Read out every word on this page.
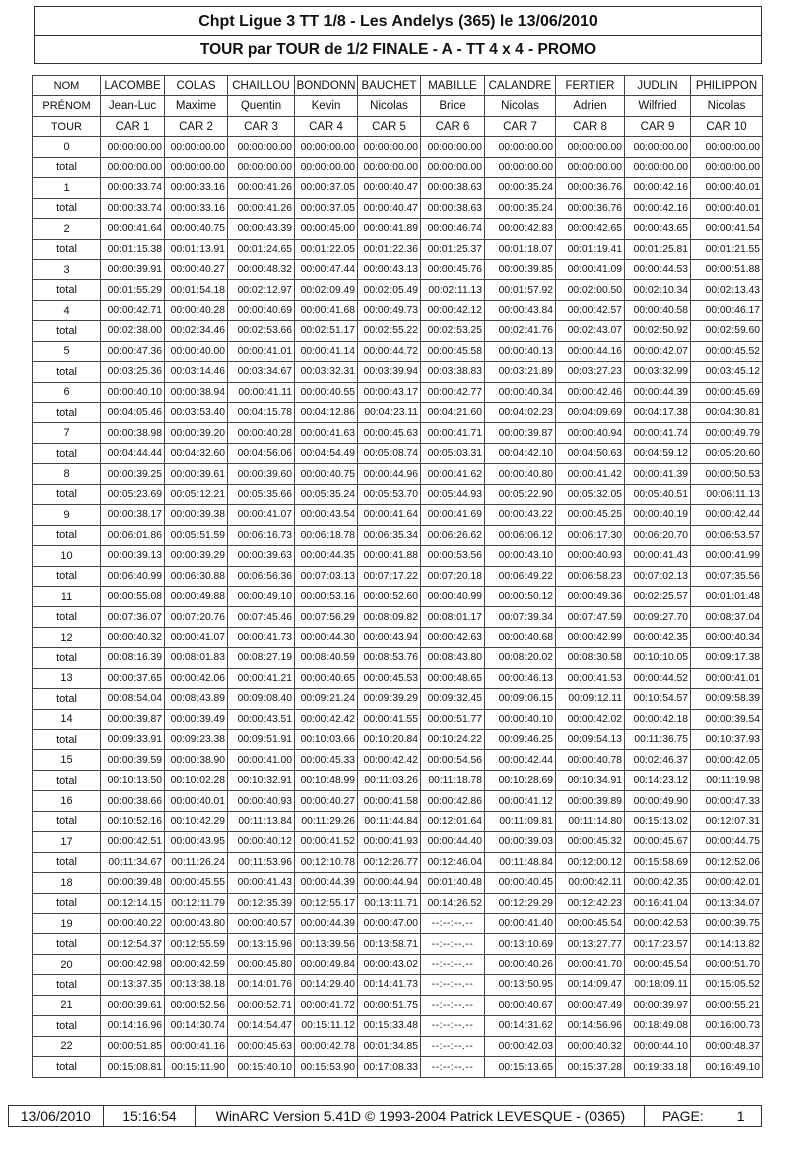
Chpt Ligue 3 TT 1/8 - Les Andelys (365) le 13/06/2010
TOUR par TOUR de 1/2 FINALE - A - TT 4 x 4 - PROMO
NOM	LACOMBE	COLAS	CHAILLOU	BONDONN	BAUCHET	MABILLE	CALANDRE	FERTIER	JUDLIN	PHILIPPON
PRÉNOM	Jean-Luc	Maxime	Quentin	Kevin	Nicolas	Brice	Nicolas	Adrien	Wilfried	Nicolas
TOUR	CAR 1	CAR 2	CAR 3	CAR 4	CAR 5	CAR 6	CAR 7	CAR 8	CAR 9	CAR 10
0	00:00:00.00	00:00:00.00	00:00:00.00	00:00:00.00	00:00:00.00	00:00:00.00	00:00:00.00	00:00:00.00	00:00:00.00	00:00:00.00
total	00:00:00.00	00:00:00.00	00:00:00.00	00:00:00.00	00:00:00.00	00:00:00.00	00:00:00.00	00:00:00.00	00:00:00.00	00:00:00.00
1	00:00:33.74	00:00:33.16	00:00:41.26	00:00:37.05	00:00:40.47	00:00:38.63	00:00:35.24	00:00:36.76	00:00:42.16	00:00:40.01
total	00:00:33.74	00:00:33.16	00:00:41.26	00:00:37.05	00:00:40.47	00:00:38.63	00:00:35.24	00:00:36.76	00:00:42.16	00:00:40.01
2	00:00:41.64	00:00:40.75	00:00:43.39	00:00:45.00	00:00:41.89	00:00:46.74	00:00:42.83	00:00:42.65	00:00:43.65	00:00:41.54
total	00:01:15.38	00:01:13.91	00:01:24.65	00:01:22.05	00:01:22.36	00:01:25.37	00:01:18.07	00:01:19.41	00:01:25.81	00:01:21.55
3	00:00:39.91	00:00:40.27	00:00:48.32	00:00:47.44	00:00:43.13	00:00:45.76	00:00:39.85	00:00:41.09	00:00:44.53	00:00:51.88
total	00:01:55.29	00:01:54.18	00:02:12.97	00:02:09.49	00:02:05.49	00:02:11.13	00:01:57.92	00:02:00.50	00:02:10.34	00:02:13.43
4	00:00:42.71	00:00:40.28	00:00:40.69	00:00:41.68	00:00:49.73	00:00:42.12	00:00:43.84	00:00:42.57	00:00:40.58	00:00:46.17
total	00:02:38.00	00:02:34.46	00:02:53.66	00:02:51.17	00:02:55.22	00:02:53.25	00:02:41.76	00:02:43.07	00:02:50.92	00:02:59.60
5	00:00:47.36	00:00:40.00	00:00:41.01	00:00:41.14	00:00:44.72	00:00:45.58	00:00:40.13	00:00:44.16	00:00:42.07	00:00:45.52
total	00:03:25.36	00:03:14.46	00:03:34.67	00:03:32.31	00:03:39.94	00:03:38.83	00:03:21.89	00:03:27.23	00:03:32.99	00:03:45.12
6	00:00:40.10	00:00:38.94	00:00:41.11	00:00:40.55	00:00:43.17	00:00:42.77	00:00:40.34	00:00:42.46	00:00:44.39	00:00:45.69
total	00:04:05.46	00:03:53.40	00:04:15.78	00:04:12.86	00:04:23.11	00:04:21.60	00:04:02.23	00:04:09.69	00:04:17.38	00:04:30.81
7	00:00:38.98	00:00:39.20	00:00:40.28	00:00:41.63	00:00:45.63	00:00:41.71	00:00:39.87	00:00:40.94	00:00:41.74	00:00:49.79
total	00:04:44.44	00:04:32.60	00:04:56.06	00:04:54.49	00:05:08.74	00:05:03.31	00:04:42.10	00:04:50.63	00:04:59.12	00:05:20.60
8	00:00:39.25	00:00:39.61	00:00:39.60	00:00:40.75	00:00:44.96	00:00:41.62	00:00:40.80	00:00:41.42	00:00:41.39	00:00:50.53
total	00:05:23.69	00:05:12.21	00:05:35.66	00:05:35.24	00:05:53.70	00:05:44.93	00:05:22.90	00:05:32.05	00:05:40.51	00:06:11.13
9	00:00:38.17	00:00:39.38	00:00:41.07	00:00:43.54	00:00:41.64	00:00:41.69	00:00:43.22	00:00:45.25	00:00:40.19	00:00:42.44
total	00:06:01.86	00:05:51.59	00:06:16.73	00:06:18.78	00:06:35.34	00:06:26.62	00:06:06.12	00:06:17.30	00:06:20.70	00:06:53.57
10	00:00:39.13	00:00:39.29	00:00:39.63	00:00:44.35	00:00:41.88	00:00:53.56	00:00:43.10	00:00:40.93	00:00:41.43	00:00:41.99
total	00:06:40.99	00:06:30.88	00:06:56.36	00:07:03.13	00:07:17.22	00:07:20.18	00:06:49.22	00:06:58.23	00:07:02.13	00:07:35.56
11	00:00:55.08	00:00:49.88	00:00:49.10	00:00:53.16	00:00:52.60	00:00:40.99	00:00:50.12	00:00:49.36	00:02:25.57	00:01:01.48
total	00:07:36.07	00:07:20.76	00:07:45.46	00:07:56.29	00:08:09.82	00:08:01.17	00:07:39.34	00:07:47.59	00:09:27.70	00:08:37.04
12	00:00:40.32	00:00:41.07	00:00:41.73	00:00:44.30	00:00:43.94	00:00:42.63	00:00:40.68	00:00:42.99	00:00:42.35	00:00:40.34
total	00:08:16.39	00:08:01.83	00:08:27.19	00:08:40.59	00:08:53.76	00:08:43.80	00:08:20.02	00:08:30.58	00:10:10.05	00:09:17.38
13	00:00:37.65	00:00:42.06	00:00:41.21	00:00:40.65	00:00:45.53	00:00:48.65	00:00:46.13	00:00:41.53	00:00:44.52	00:00:41.01
total	00:08:54.04	00:08:43.89	00:09:08.40	00:09:21.24	00:09:39.29	00:09:32.45	00:09:06.15	00:09:12.11	00:10:54.57	00:09:58.39
14	00:00:39.87	00:00:39.49	00:00:43.51	00:00:42.42	00:00:41.55	00:00:51.77	00:00:40.10	00:00:42.02	00:00:42.18	00:00:39.54
total	00:09:33.91	00:09:23.38	00:09:51.91	00:10:03.66	00:10:20.84	00:10:24.22	00:09:46.25	00:09:54.13	00:11:36.75	00:10:37.93
15	00:00:39.59	00:00:38.90	00:00:41.00	00:00:45.33	00:00:42.42	00:00:54.56	00:00:42.44	00:00:40.78	00:02:46.37	00:00:42.05
total	00:10:13.50	00:10:02.28	00:10:32.91	00:10:48.99	00:11:03.26	00:11:18.78	00:10:28.69	00:10:34.91	00:14:23.12	00:11:19.98
16	00:00:38.66	00:00:40.01	00:00:40.93	00:00:40.27	00:00:41.58	00:00:42.86	00:00:41.12	00:00:39.89	00:00:49.90	00:00:47.33
total	00:10:52.16	00:10:42.29	00:11:13.84	00:11:29.26	00:11:44.84	00:12:01.64	00:11:09.81	00:11:14.80	00:15:13.02	00:12:07.31
17	00:00:42.51	00:00:43.95	00:00:40.12	00:00:41.52	00:00:41.93	00:00:44.40	00:00:39.03	00:00:45.32	00:00:45.67	00:00:44.75
total	00:11:34.67	00:11:26.24	00:11:53.96	00:12:10.78	00:12:26.77	00:12:46.04	00:11:48.84	00:12:00.12	00:15:58.69	00:12:52.06
18	00:00:39.48	00:00:45.55	00:00:41.43	00:00:44.39	00:00:44.94	00:01:40.48	00:00:40.45	00:00:42.11	00:00:42.35	00:00:42.01
total	00:12:14.15	00:12:11.79	00:12:35.39	00:12:55.17	00:13:11.71	00:14:26.52	00:12:29.29	00:12:42.23	00:16:41.04	00:13:34.07
19	00:00:40.22	00:00:43.80	00:00:40.57	00:00:44.39	00:00:47.00	--:--:--.--	00:00:41.40	00:00:45.54	00:00:42.53	00:00:39.75
total	00:12:54.37	00:12:55.59	00:13:15.96	00:13:39.56	00:13:58.71	--:--:--.--	00:13:10.69	00:13:27.77	00:17:23.57	00:14:13.82
20	00:00:42.98	00:00:42.59	00:00:45.80	00:00:49.84	00:00:43.02	--:--:--.--	00:00:40.26	00:00:41.70	00:00:45.54	00:00:51.70
total	00:13:37.35	00:13:38.18	00:14:01.76	00:14:29.40	00:14:41.73	--:--:--.--	00:13:50.95	00:14:09.47	00:18:09.11	00:15:05.52
21	00:00:39.61	00:00:52.56	00:00:52.71	00:00:41.72	00:00:51.75	--:--:--.--	00:00:40.67	00:00:47.49	00:00:39.97	00:00:55.21
total	00:14:16.96	00:14:30.74	00:14:54.47	00:15:11.12	00:15:33.48	--:--:--.--	00:14:31.62	00:14:56.96	00:18:49.08	00:16:00.73
22	00:00:51.85	00:00:41.16	00:00:45.63	00:00:42.78	00:01:34.85	--:--:--.--	00:00:42.03	00:00:40.32	00:00:44.10	00:00:48.37
total	00:15:08.81	00:15:11.90	00:15:40.10	00:15:53.90	00:17:08.33	--:--:--.--	00:15:13.65	00:15:37.28	00:19:33.18	00:16:49.10
13/06/2010	15:16:54	WinARC Version 5.41D © 1993-2004 Patrick LEVESQUE - (0365)	PAGE: 1
